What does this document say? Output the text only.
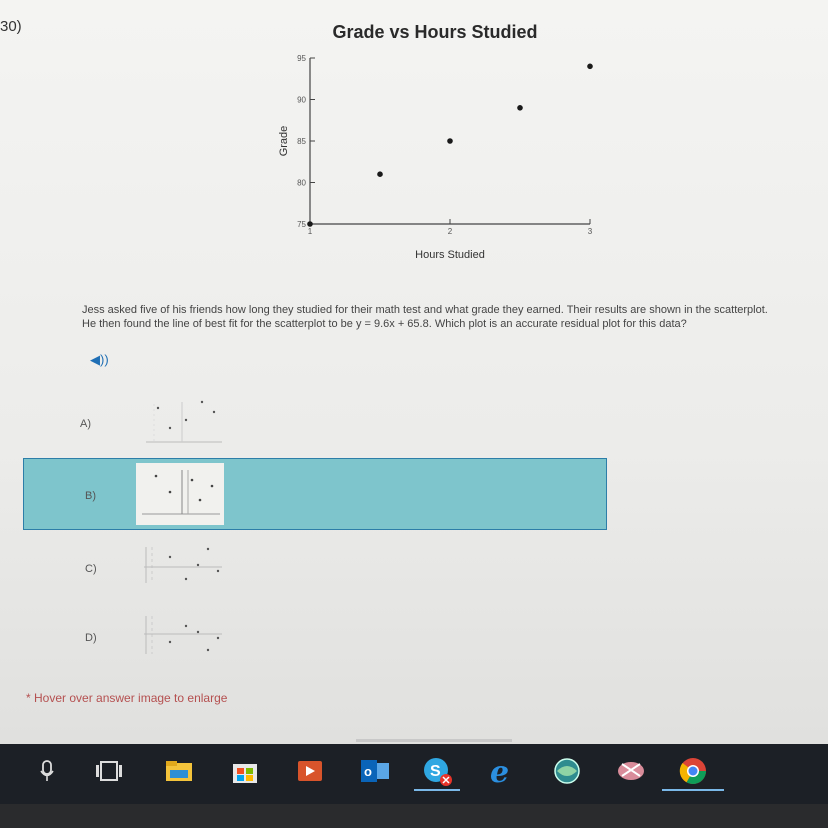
30)	Grade vs Hours Studied
75
80
85
90
95
1	2	3
Hours Studied
Grade
Jess asked five of his friends how long they studied for their math test and what grade they earned. Their results are shown in the scatterplot. He then found the line of best fit for the scatterplot to be y = 9.6x + 65.8. Which plot is an accurate residual plot for this data?
◀))
A)
B)
C)
D)
* Hover over answer image to enlarge
o	S e
